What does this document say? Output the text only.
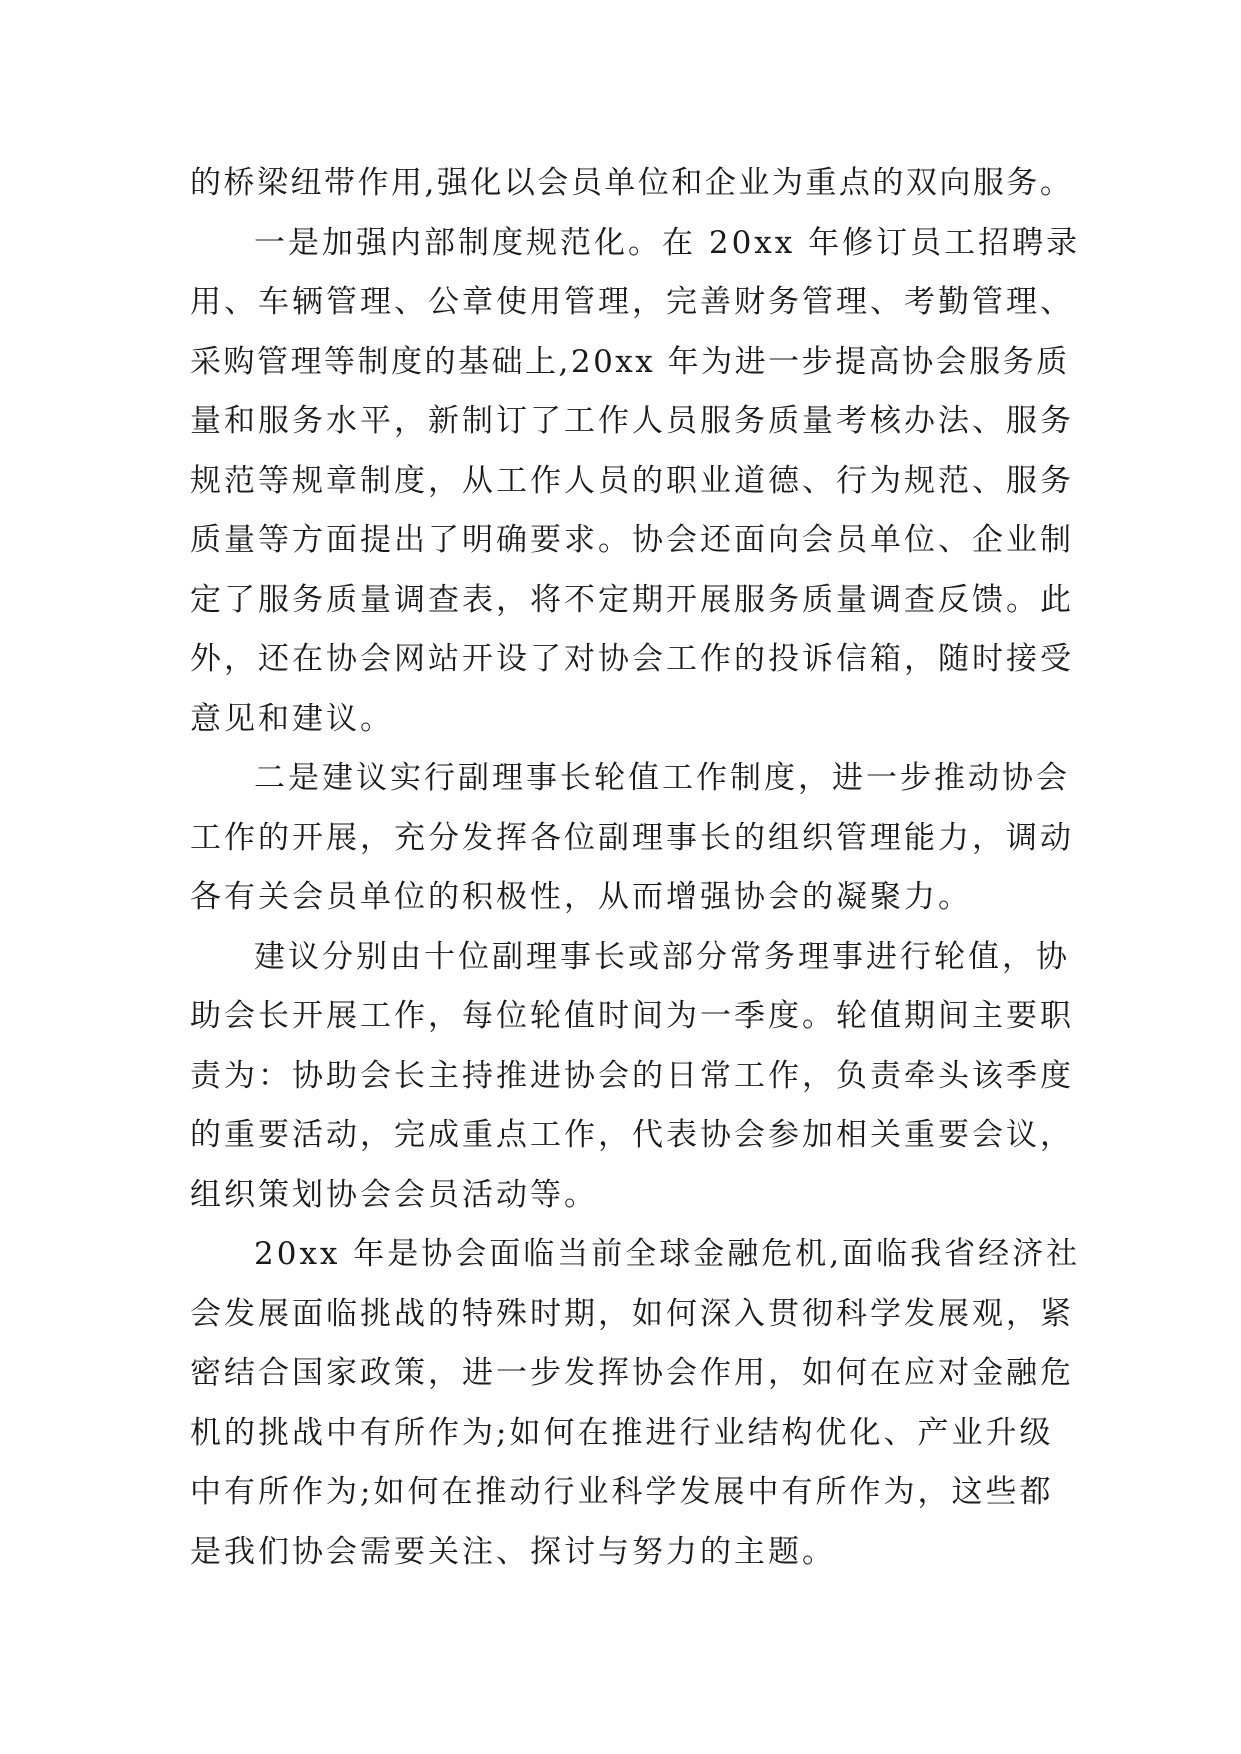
的桥梁纽带作用,强化以会员单位和企业为重点的双向服务。
一是加强内部制度规范化。在 20xx 年修订员工招聘录
用、车辆管理、公章使用管理，完善财务管理、考勤管理、
采购管理等制度的基础上,20xx 年为进一步提高协会服务质
量和服务水平，新制订了工作人员服务质量考核办法、服务
规范等规章制度，从工作人员的职业道德、行为规范、服务
质量等方面提出了明确要求。协会还面向会员单位、企业制
定了服务质量调查表，将不定期开展服务质量调查反馈。此
外，还在协会网站开设了对协会工作的投诉信箱，随时接受
意见和建议。
二是建议实行副理事长轮值工作制度，进一步推动协会
工作的开展，充分发挥各位副理事长的组织管理能力，调动
各有关会员单位的积极性，从而增强协会的凝聚力。
建议分别由十位副理事长或部分常务理事进行轮值，协
助会长开展工作，每位轮值时间为一季度。轮值期间主要职
责为：协助会长主持推进协会的日常工作，负责牵头该季度
的重要活动，完成重点工作，代表协会参加相关重要会议，
组织策划协会会员活动等。
20xx 年是协会面临当前全球金融危机,面临我省经济社
会发展面临挑战的特殊时期，如何深入贯彻科学发展观，紧
密结合国家政策，进一步发挥协会作用，如何在应对金融危
机的挑战中有所作为;如何在推进行业结构优化、产业升级
中有所作为;如何在推动行业科学发展中有所作为，这些都
是我们协会需要关注、探讨与努力的主题。
